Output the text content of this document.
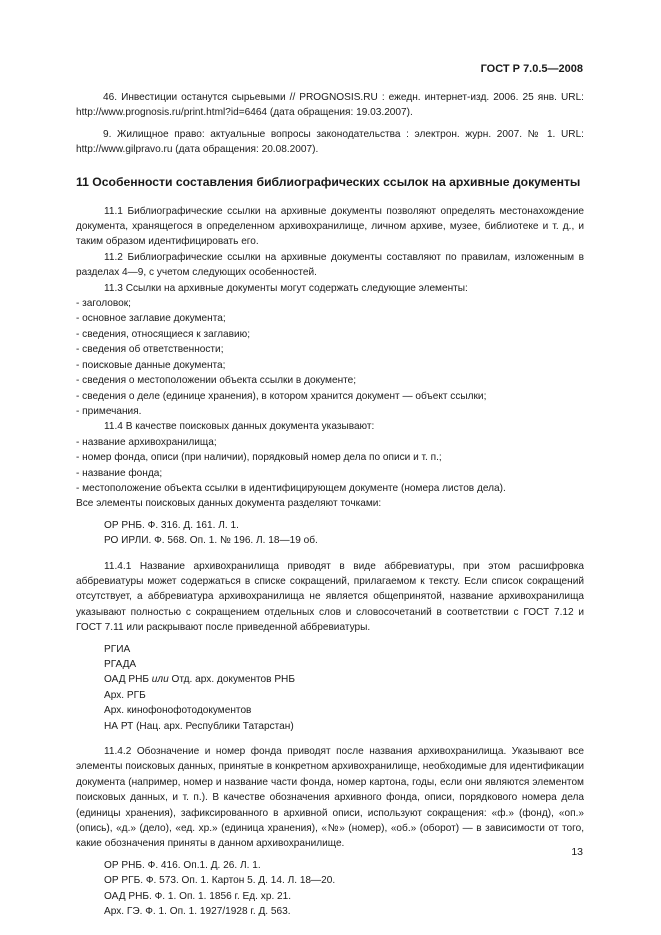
ГОСТ Р 7.0.5—2008

46. Инвестиции останутся сырьевыми // PROGNOSIS.RU : ежедн. интернет-изд. 2006. 25 янв. URL: http://www.prognosis.ru/print.html?id=6464 (дата обращения: 19.03.2007).

9. Жилищное право: актуальные вопросы законодательства : электрон. журн. 2007. № 1. URL: http://www.gilpravo.ru (дата обращения: 20.08.2007).

11 Особенности составления библиографических ссылок на архивные документы

11.1 Библиографические ссылки на архивные документы позволяют определять местонахождение документа, хранящегося в определенном архивохранилище, личном архиве, музее, библиотеке и т. д., и таким образом идентифицировать его.

11.2 Библиографические ссылки на архивные документы составляют по правилам, изложенным в разделах 4—9, с учетом следующих особенностей.

11.3 Ссылки на архивные документы могут содержать следующие элементы:

- заголовок;

- основное заглавие документа;

- сведения, относящиеся к заглавию;

- сведения об ответственности;

- поисковые данные документа;

- сведения о местоположении объекта ссылки в документе;

- сведения о деле (единице хранения), в котором хранится документ — объект ссылки;

- примечания.

11.4 В качестве поисковых данных документа указывают:

- название архивохранилища;

- номер фонда, описи (при наличии), порядковый номер дела по описи и т. п.;

- название фонда;

- местоположение объекта ссылки в идентифицирующем документе (номера листов дела).

Все элементы поисковых данных документа разделяют точками:

ОР РНБ. Ф. 316. Д. 161. Л. 1.
РО ИРЛИ. Ф. 568. Оп. 1. № 196. Л. 18—19 об.

11.4.1 Название архивохранилища приводят в виде аббревиатуры, при этом расшифровка аббревиатуры может содержаться в списке сокращений, прилагаемом к тексту. Если список сокращений отсутствует, а аббревиатура архивохранилища не является общепринятой, название архивохранилища указывают полностью с сокращением отдельных слов и словосочетаний в соответствии с ГОСТ 7.12 и ГОСТ 7.11 или раскрывают после приведенной аббревиатуры.

РГИА
РГАДА
ОАД РНБ или Отд. арх. документов РНБ
Арх. РГБ
Арх. кинофонофотодокументов
НА РТ (Нац. арх. Республики Татарстан)

11.4.2 Обозначение и номер фонда приводят после названия архивохранилища. Указывают все элементы поисковых данных, принятые в конкретном архивохранилище, необходимые для идентификации документа (например, номер и название части фонда, номер картона, годы, если они являются элементом поисковых данных, и т. п.). В качестве обозначения архивного фонда, описи, порядкового номера дела (единицы хранения), зафиксированного в архивной описи, используют сокращения: «ф.» (фонд), «оп.» (опись), «д.» (дело), «ед. хр.» (единица хранения), «№» (номер), «об.» (оборот) — в зависимости от того, какие обозначения приняты в данном архивохранилище.

ОР РНБ. Ф. 416. Оп.1. Д. 26. Л. 1.
ОР РГБ. Ф. 573. Оп. 1. Картон 5. Д. 14. Л. 18—20.
ОАД РНБ. Ф. 1. Оп. 1. 1856 г. Ед. хр. 21.
Арх. ГЭ. Ф. 1. Оп. 1. 1927/1928 г. Д. 563.
13
